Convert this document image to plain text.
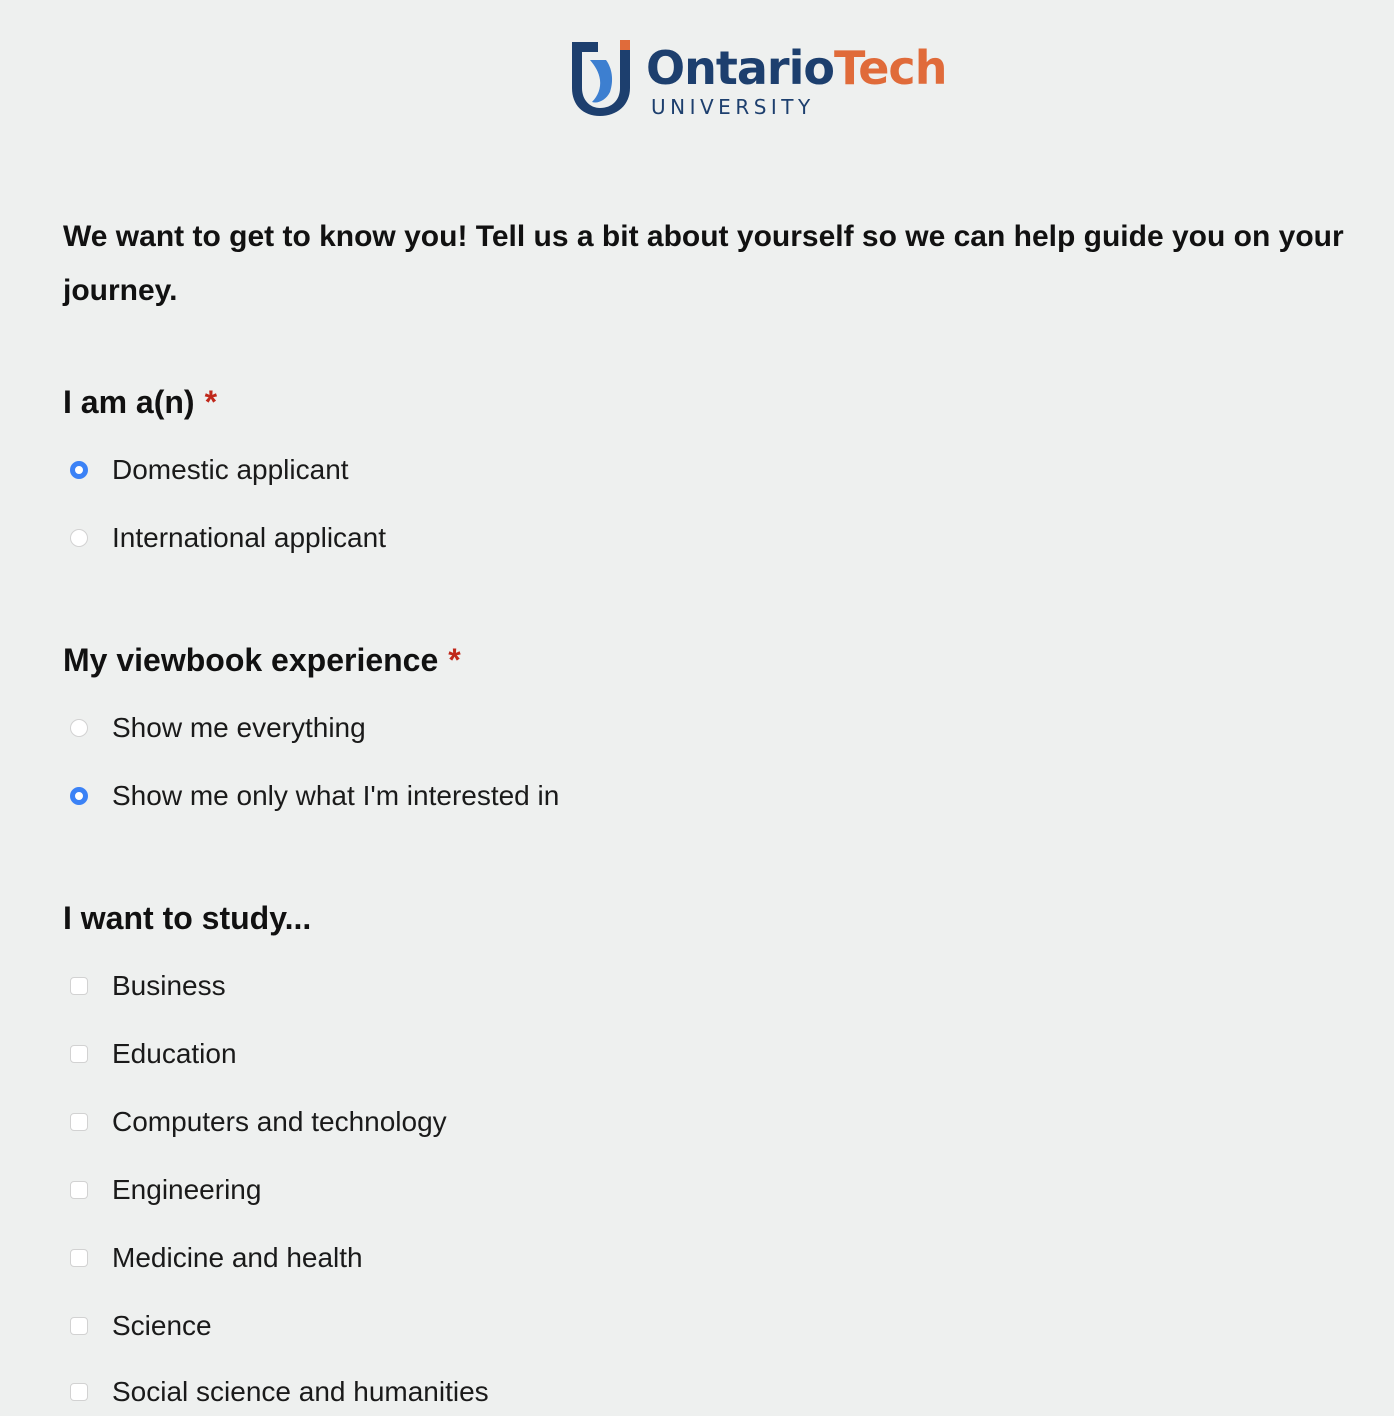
OntarioTech
UNIVERSITY
We want to get to know you! Tell us a bit about yourself so we can help guide you on your journey.
I am a(n) *
Domestic applicant
International applicant
My viewbook experience *
Show me everything
Show me only what I'm interested in
I want to study...
Business
Education
Computers and technology
Engineering
Medicine and health
Science
Social science and humanities
